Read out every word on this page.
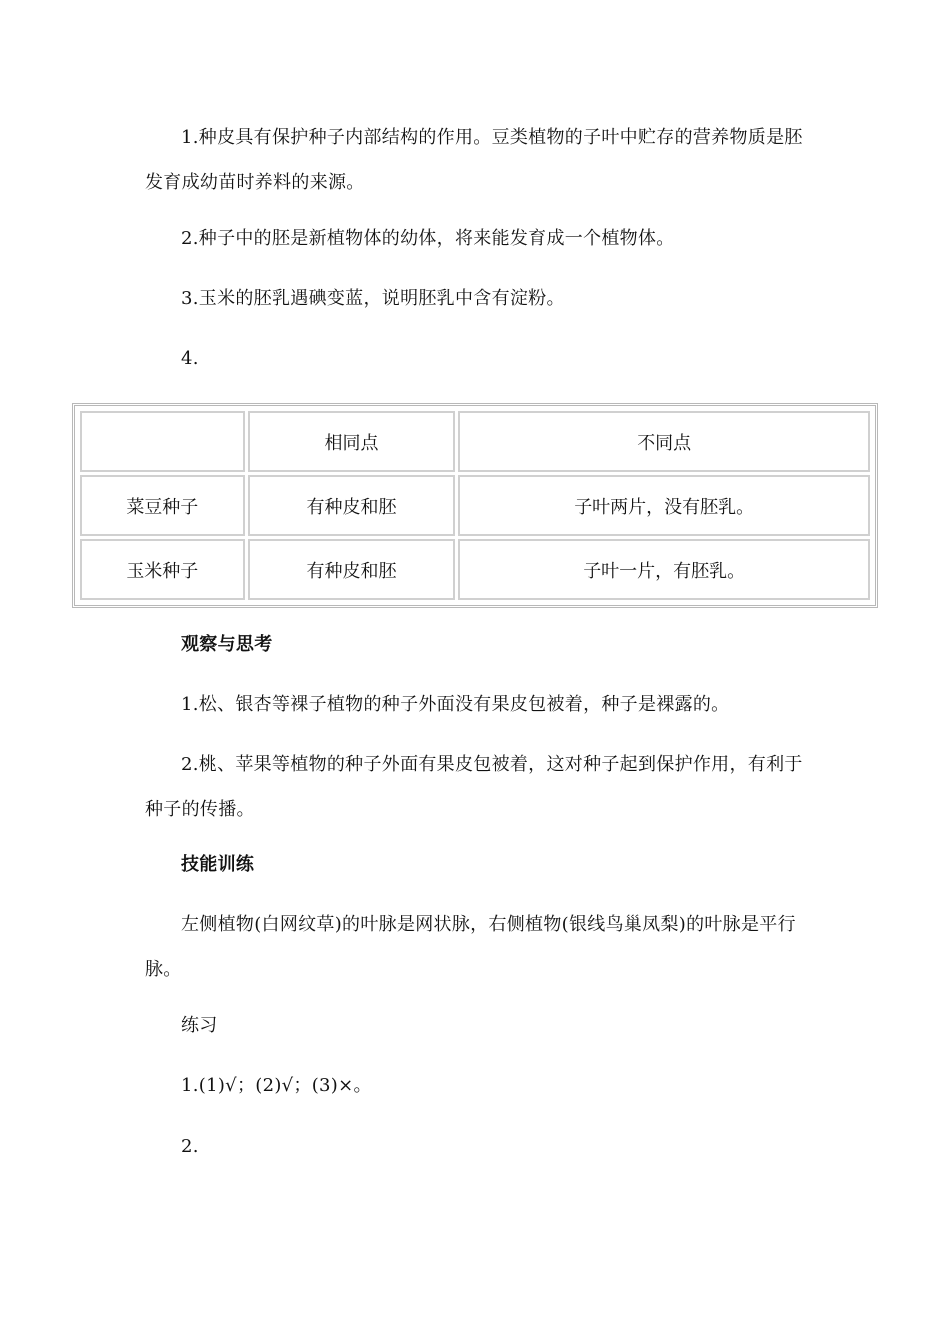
1.种皮具有保护种子内部结构的作用。豆类植物的子叶中贮存的营养物质是胚发育成幼苗时养料的来源。

2.种子中的胚是新植物体的幼体，将来能发育成一个植物体。

3.玉米的胚乳遇碘变蓝，说明胚乳中含有淀粉。

4.

	相同点	不同点
菜豆种子	有种皮和胚	子叶两片，没有胚乳。
玉米种子	有种皮和胚	子叶一片，有胚乳。

观察与思考

1.松、银杏等裸子植物的种子外面没有果皮包被着，种子是裸露的。

2.桃、苹果等植物的种子外面有果皮包被着，这对种子起到保护作用，有利于种子的传播。

技能训练

左侧植物(白网纹草)的叶脉是网状脉，右侧植物(银线鸟巢凤梨)的叶脉是平行脉。

练习

1.(1)√；(2)√；(3)×。

2.
